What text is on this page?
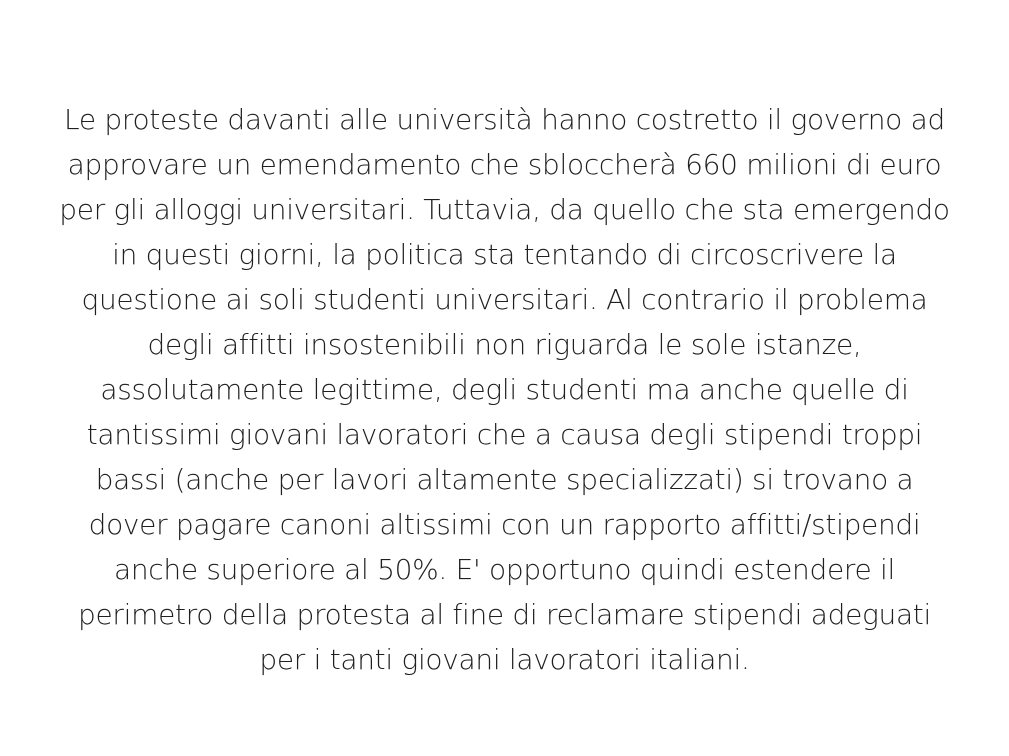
Le proteste davanti alle università hanno costretto il governo ad
approvare un emendamento che sbloccherà 660 milioni di euro
per gli alloggi universitari. Tuttavia, da quello che sta emergendo
in questi giorni, la politica sta tentando di circoscrivere la
questione ai soli studenti universitari. Al contrario il problema
degli affitti insostenibili non riguarda le sole istanze,
assolutamente legittime, degli studenti ma anche quelle di
tantissimi giovani lavoratori che a causa degli stipendi troppi
bassi (anche per lavori altamente specializzati) si trovano a
dover pagare canoni altissimi con un rapporto affitti/stipendi
anche superiore al 50%. E' opportuno quindi estendere il
perimetro della protesta al fine di reclamare stipendi adeguati
per i tanti giovani lavoratori italiani.
